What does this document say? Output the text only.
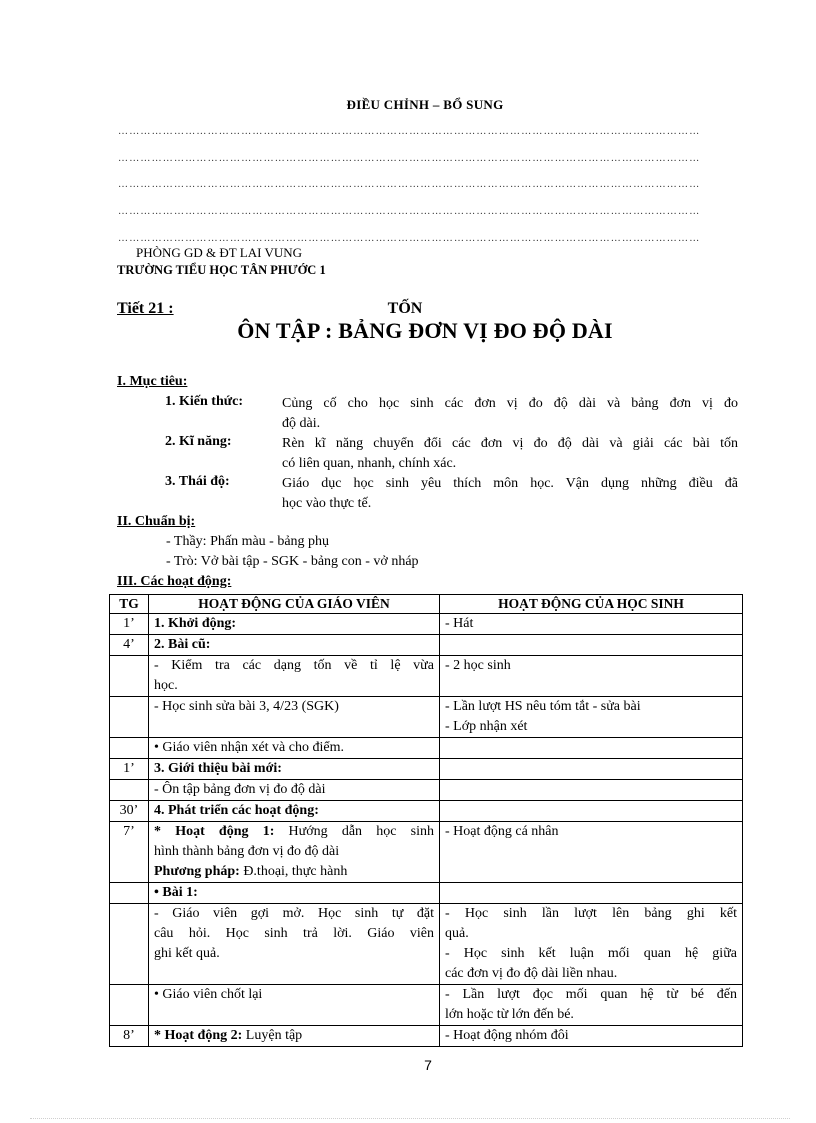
ĐIỀU CHỈNH – BỔ SUNG
…………………………………………………………………………………………………………………………………………
…………………………………………………………………………………………………………………………………………
…………………………………………………………………………………………………………………………………………
…………………………………………………………………………………………………………………………………………
…………………………………………………………………………………………………………………………………………
PHÒNG GD & ĐT LAI VUNG
TRƯỜNG TIỂU HỌC TÂN PHƯỚC 1
Tiết 21 :	TỐN
ÔN TẬP : BẢNG ĐƠN VỊ ĐO ĐỘ DÀI
I. Mục tiêu:
1. Kiến thức:	Củng cố cho học sinh các đơn vị đo độ dài và bảng đơn vị đo
độ dài.
2. Kĩ năng:	Rèn kĩ năng chuyển đổi các đơn vị đo độ dài và giải các bài tốn
có liên quan, nhanh, chính xác.
3. Thái độ:	Giáo dục học sinh yêu thích môn học. Vận dụng những điều đã
học vào thực tế.
II. Chuẩn bị:
- Thầy: Phấn màu - bảng phụ
- Trò: Vở bài tập - SGK - bảng con - vở nháp
III. Các hoạt động:
TG	HOẠT ĐỘNG CỦA GIÁO VIÊN	HOẠT ĐỘNG CỦA HỌC SINH
1’	1. Khởi động:	- Hát
4’	2. Bài cũ:	

	- Kiểm tra các dạng tốn về tỉ lệ vừa
học.	- 2 học sinh
	- Học sinh sửa bài 3, 4/23 (SGK)	- Lần lượt HS nêu tóm tắt - sửa bài
- Lớp nhận xét

	• Giáo viên nhận xét và cho điểm.	
1’	3. Giới thiệu bài mới:	
	- Ôn tập bảng đơn vị đo độ dài	
30’	4. Phát triển các hoạt động:	
7’	* Hoạt động 1: Hướng dẫn học sinh
hình thành bảng đơn vị đo độ dài
Phương pháp: Đ.thoại, thực hành	- Hoạt động cá nhân
	• Bài 1:	

	- Giáo viên gợi mở. Học sinh tự đặt
câu hỏi. Học sinh trả lời. Giáo viên
ghi kết quả.	- Học sinh lần lượt lên bảng ghi kết
quả.
- Học sinh kết luận mối quan hệ giữa
các đơn vị đo độ dài liền nhau.

	• Giáo viên chốt lại	- Lần lượt đọc mối quan hệ từ bé đến
lớn hoặc từ lớn đến bé.

8’	* Hoạt động 2: Luyện tập	- Hoạt động nhóm đôi
7
